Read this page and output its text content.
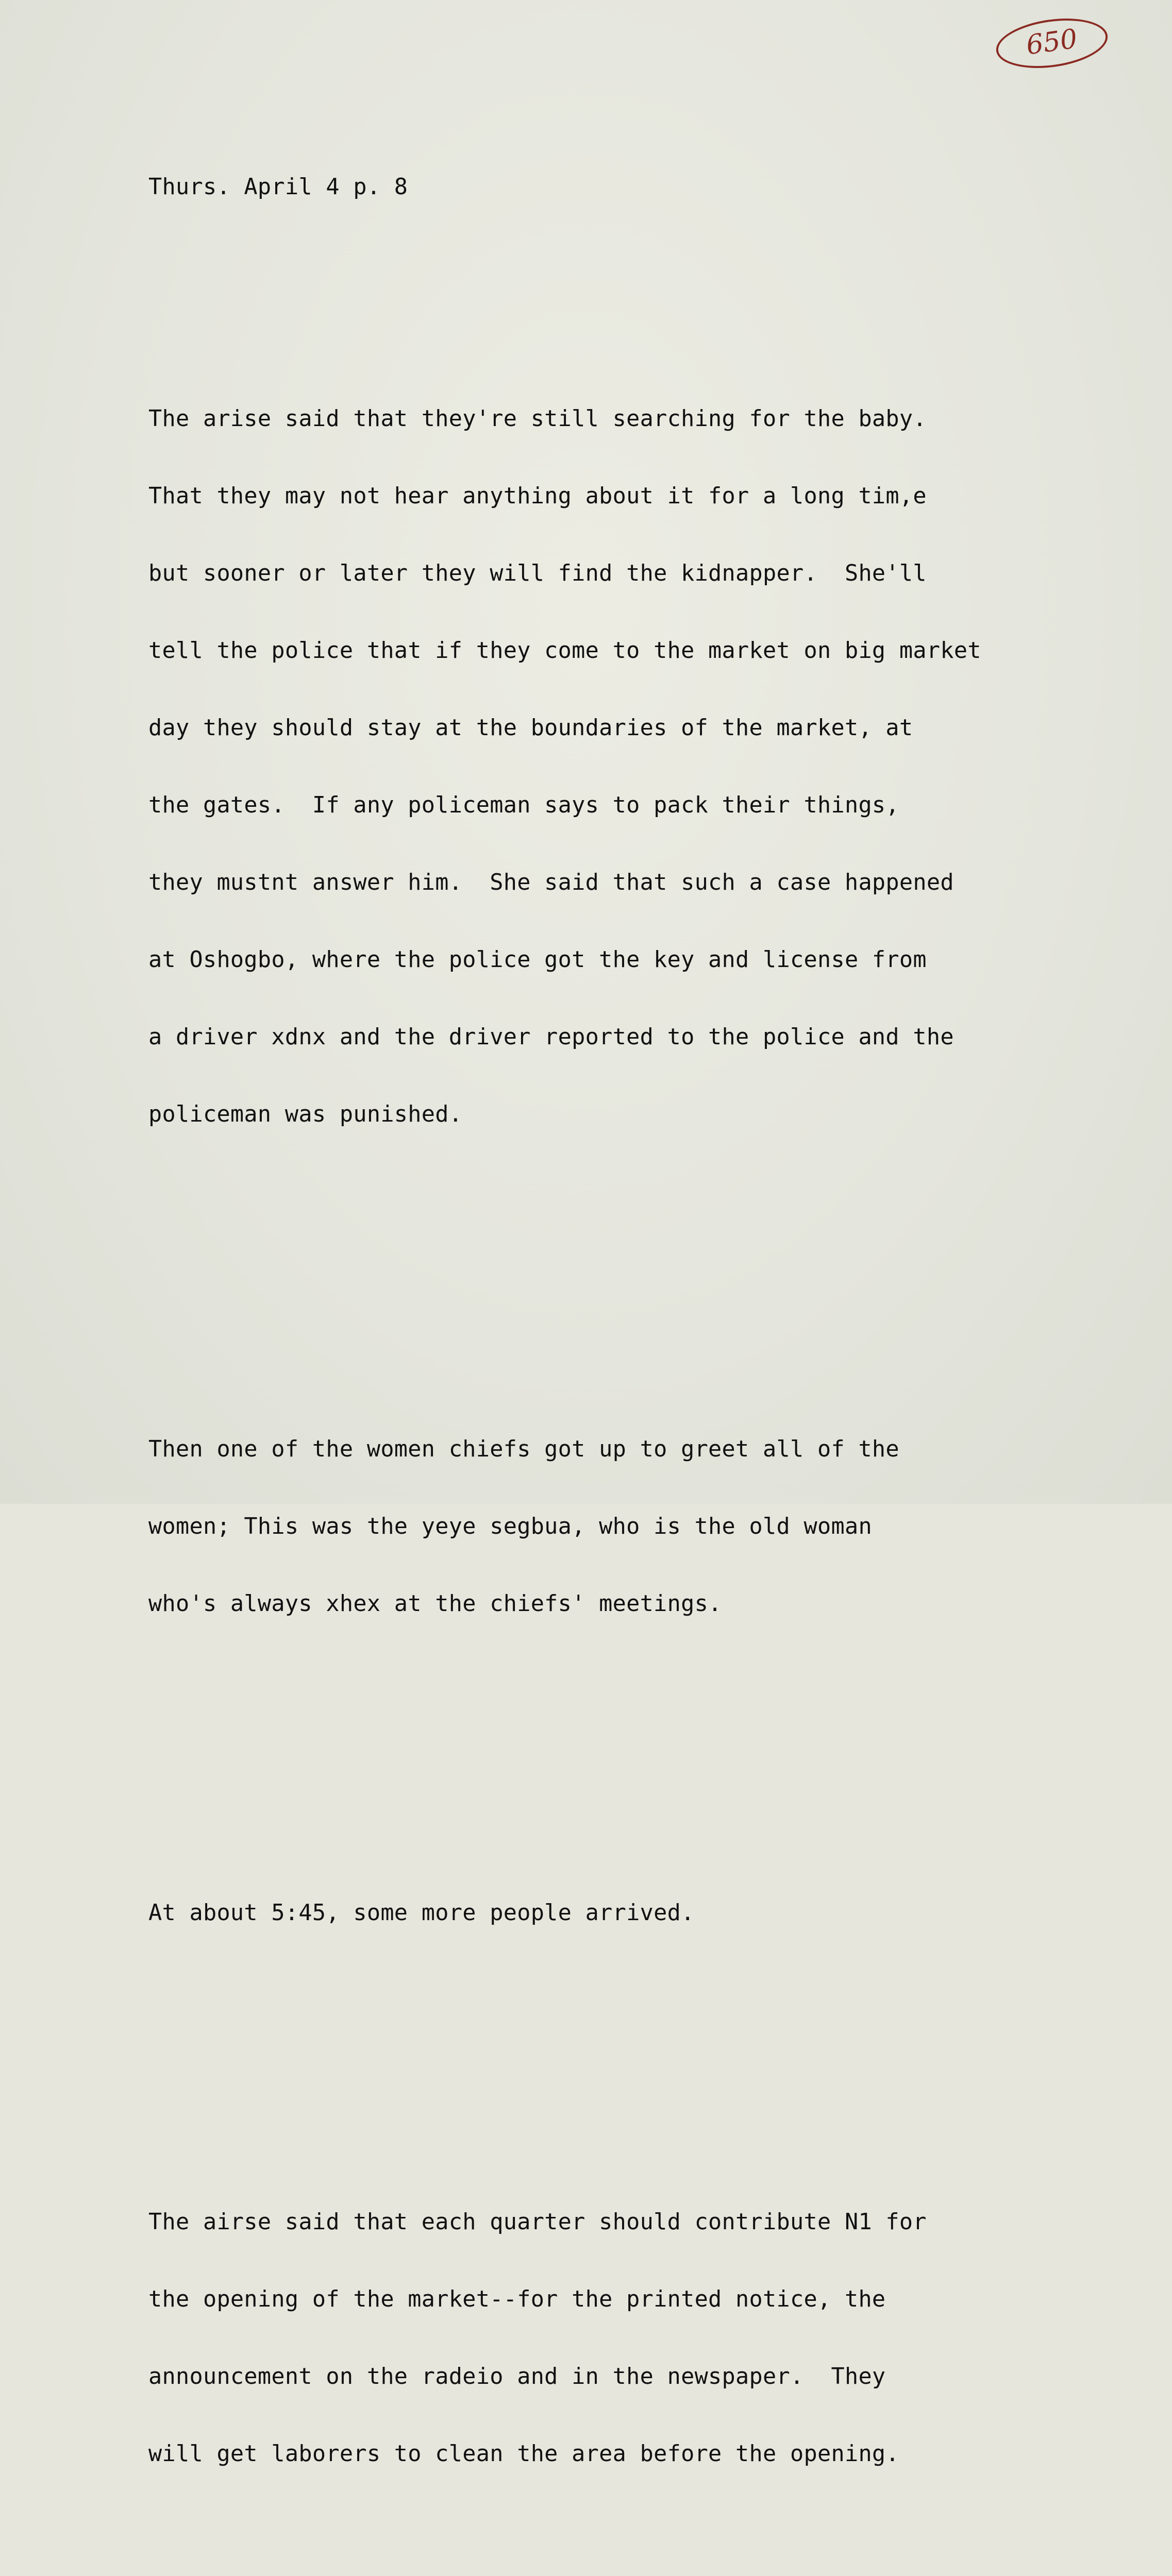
650

Thurs. April 4 p. 8

The arise said that they're still searching for the baby.

That they may not hear anything about it for a long tim,e

but sooner or later they will find the kidnapper.  She'll

tell the police that if they come to the market on big market

day they should stay at the boundaries of the market, at

the gates.  If any policeman says to pack their things,

they mustnt answer him.  She said that such a case happened

at Oshogbo, where the police got the key and license from

a driver xdnx and the driver reported to the police and the

policeman was punished.

Then one of the women chiefs got up to greet all of the

women; This was the yeye segbua, who is the old woman

who's always xhex at the chiefs' meetings.

At about 5:45, some more people arrived.

The airse said that each quarter should contribute N1 for

the opening of the market--for the printed notice, the

announcement on the radeio and in the newspaper.  They

will get laborers to clean the area before the opening.
